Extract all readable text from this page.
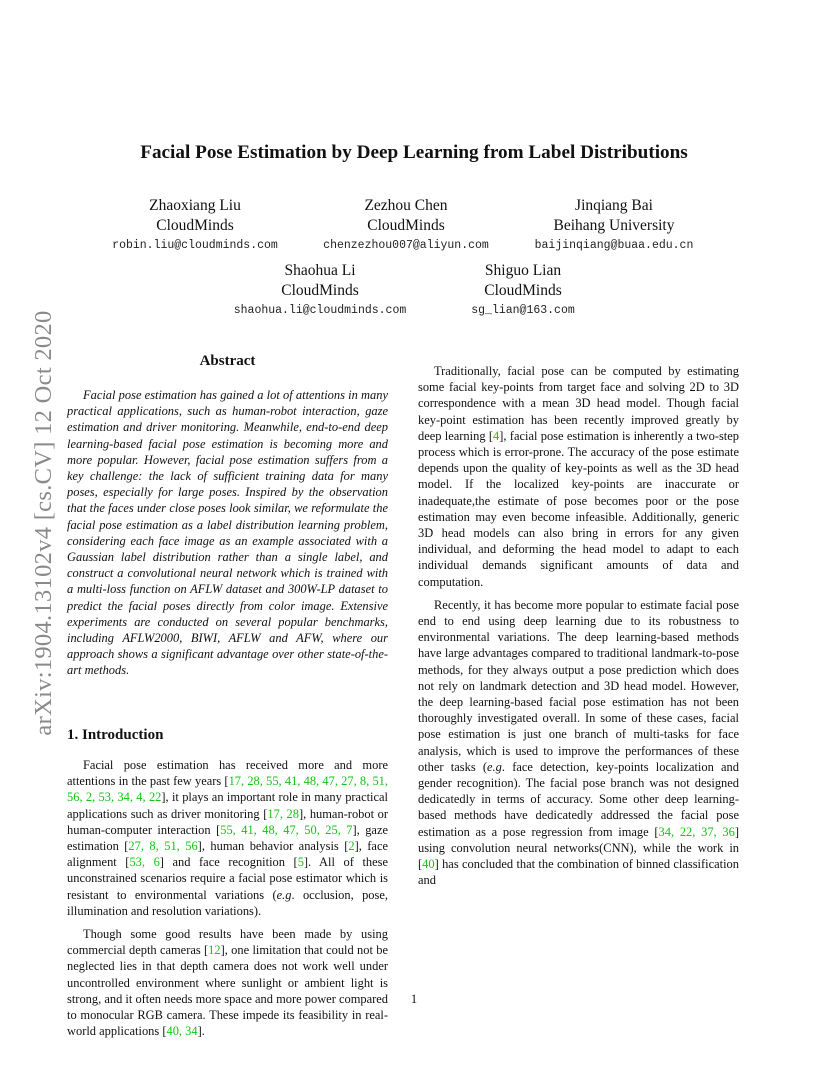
arXiv:1904.13102v4 [cs.CV] 12 Oct 2020
Facial Pose Estimation by Deep Learning from Label Distributions
Zhaoxiang Liu
CloudMinds
robin.liu@cloudminds.com
Zezhou Chen
CloudMinds
chenzezhou007@aliyun.com
Jinqiang Bai
Beihang University
baijinqiang@buaa.edu.cn
Shaohua Li
CloudMinds
shaohua.li@cloudminds.com
Shiguo Lian
CloudMinds
sg_lian@163.com
Abstract

Facial pose estimation has gained a lot of attentions in many practical applications, such as human-robot interaction, gaze estimation and driver monitoring. Meanwhile, end-to-end deep learning-based facial pose estimation is becoming more and more popular. However, facial pose estimation suffers from a key challenge: the lack of sufficient training data for many poses, especially for large poses. Inspired by the observation that the faces under close poses look similar, we reformulate the facial pose estimation as a label distribution learning problem, considering each face image as an example associated with a Gaussian label distribution rather than a single label, and construct a convolutional neural network which is trained with a multi-loss function on AFLW dataset and 300W-LP dataset to predict the facial poses directly from color image. Extensive experiments are conducted on several popular benchmarks, including AFLW2000, BIWI, AFLW and AFW, where our approach shows a significant advantage over other state-of-the-art methods.

1. Introduction

Facial pose estimation has received more and more attentions in the past few years [17, 28, 55, 41, 48, 47, 27, 8, 51, 56, 2, 53, 34, 4, 22], it plays an important role in many practical applications such as driver monitoring [17, 28], human-robot or human-computer interaction [55, 41, 48, 47, 50, 25, 7], gaze estimation [27, 8, 51, 56], human behavior analysis [2], face alignment [53, 6] and face recognition [5]. All of these unconstrained scenarios require a facial pose estimator which is resistant to environmental variations (e.g. occlusion, pose, illumination and resolution variations).

Though some good results have been made by using commercial depth cameras [12], one limitation that could not be neglected lies in that depth camera does not work well under uncontrolled environment where sunlight or ambient light is strong, and it often needs more space and more power compared to monocular RGB camera. These impede its feasibility in real-world applications [40, 34].

Traditionally, facial pose can be computed by estimating some facial key-points from target face and solving 2D to 3D correspondence with a mean 3D head model. Though facial key-point estimation has been recently improved greatly by deep learning [4], facial pose estimation is inherently a two-step process which is error-prone. The accuracy of the pose estimate depends upon the quality of key-points as well as the 3D head model. If the localized key-points are inaccurate or inadequate,the estimate of pose becomes poor or the pose estimation may even become infeasible. Additionally, generic 3D head models can also bring in errors for any given individual, and deforming the head model to adapt to each individual demands significant amounts of data and computation.

Recently, it has become more popular to estimate facial pose end to end using deep learning due to its robustness to environmental variations. The deep learning-based methods have large advantages compared to traditional landmark-to-pose methods, for they always output a pose prediction which does not rely on landmark detection and 3D head model. However, the deep learning-based facial pose estimation has not been thoroughly investigated overall. In some of these cases, facial pose estimation is just one branch of multi-tasks for face analysis, which is used to improve the performances of these other tasks (e.g. face detection, key-points localization and gender recognition). The facial pose branch was not designed dedicatedly in terms of accuracy. Some other deep learning-based methods have dedicatedly addressed the facial pose estimation as a pose regression from image [34, 22, 37, 36] using convolution neural networks(CNN), while the work in [40] has concluded that the combination of binned classification and

1
